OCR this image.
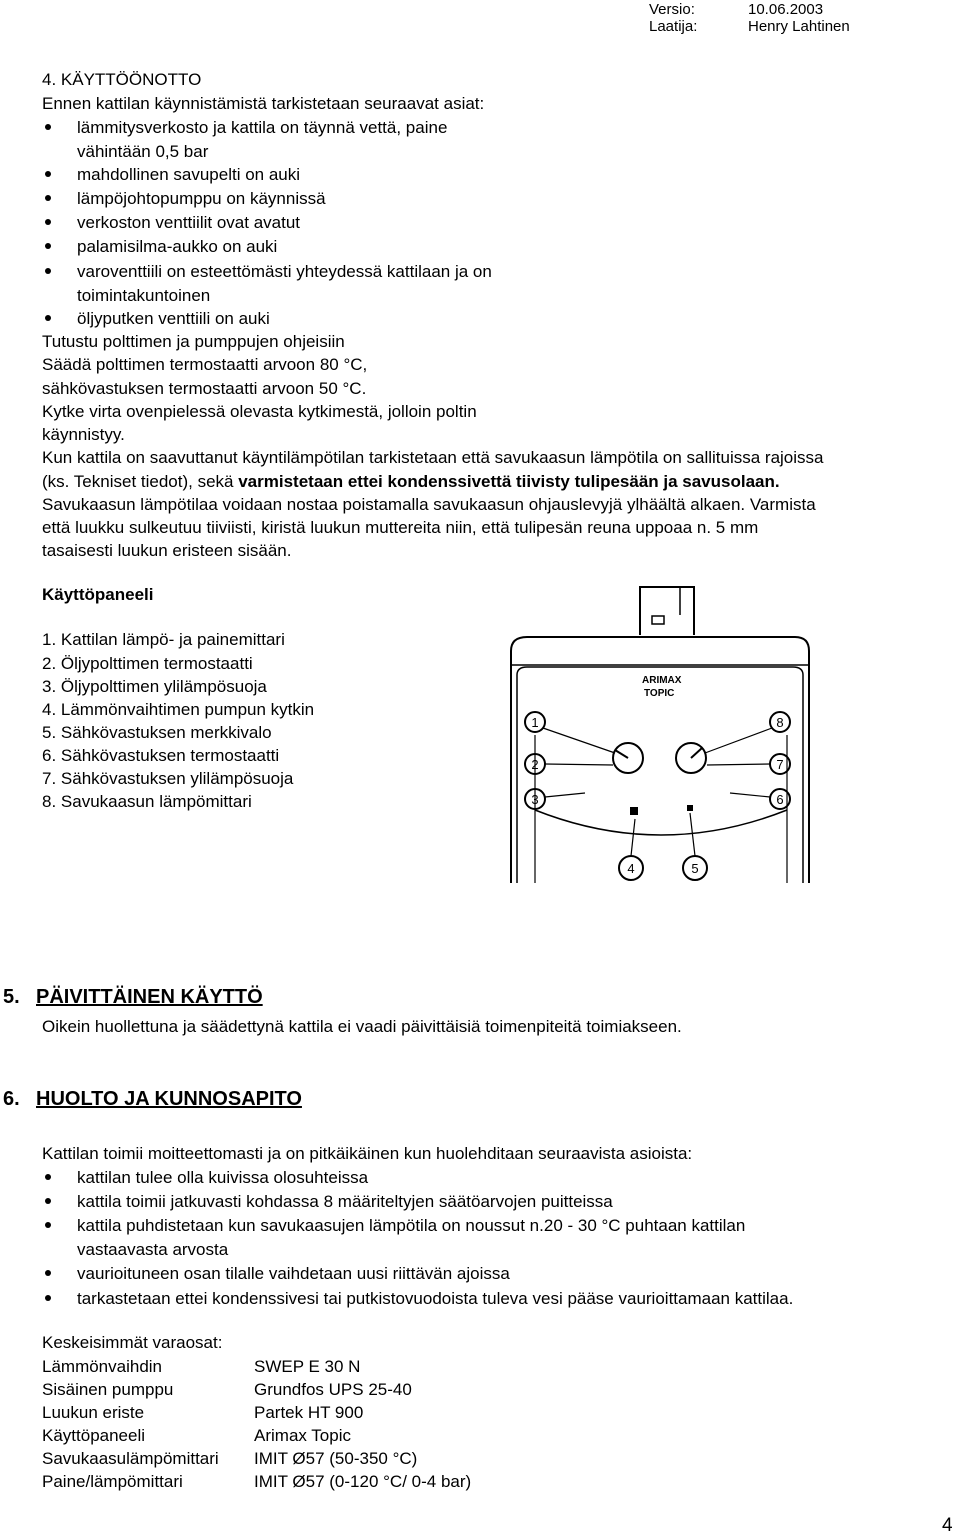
Versio:	10.06.2003
Laatija:	Henry Lahtinen
4. KÄYTTÖÖNOTTO
Ennen kattilan käynnistämistä tarkistetaan seuraavat asiat:
lämmitysverkosto ja kattila on täynnä vettä, paine
vähintään 0,5 bar
mahdollinen savupelti on auki
lämpöjohtopumppu on käynnissä
verkoston venttiilit ovat avatut
palamisilma-aukko on auki
varoventtiili on esteettömästi yhteydessä kattilaan ja on
toimintakuntoinen
öljyputken venttiili on auki
Tutustu polttimen ja pumppujen ohjeisiin
Säädä polttimen termostaatti arvoon 80 °C,
sähkövastuksen termostaatti arvoon 50 °C.
Kytke virta ovenpielessä olevasta kytkimestä, jolloin poltin
käynnistyy.
Kun kattila on saavuttanut käyntilämpötilan tarkistetaan että savukaasun lämpötila on sallituissa rajoissa
(ks. Tekniset tiedot), sekä varmistetaan ettei kondenssivettä tiivisty tulipesään ja savusolaan.
Savukaasun lämpötilaa voidaan nostaa poistamalla savukaasun ohjauslevyjä ylhäältä alkaen. Varmista
että luukku sulkeutuu tiiviisti, kiristä luukun muttereita niin, että tulipesän reuna uppoaa n. 5 mm
tasaisesti luukun eristeen sisään.
Käyttöpaneeli
1. Kattilan lämpö- ja painemittari
2. Öljypolttimen termostaatti
3. Öljypolttimen ylilämpösuoja
4. Lämmönvaihtimen pumpun kytkin
5. Sähkövastuksen merkkivalo
6. Sähkövastuksen termostaatti
7. Sähkövastuksen ylilämpösuoja
8. Savukaasun lämpömittari
ARIMAX
TOPIC
1
2
3
4	5
6
7
8
5. PÄIVITTÄINEN KÄYTTÖ
Oikein huollettuna ja säädettynä kattila ei vaadi päivittäisiä toimenpiteitä toimiakseen.
6. HUOLTO JA KUNNOSAPITO
Kattilan toimii moitteettomasti ja on pitkäikäinen kun huolehditaan seuraavista asioista:
kattilan tulee olla kuivissa olosuhteissa
kattila toimii jatkuvasti kohdassa 8 määriteltyjen säätöarvojen puitteissa
kattila puhdistetaan kun savukaasujen lämpötila on noussut n.20 - 30 °C puhtaan kattilan
vastaavasta arvosta
vaurioituneen osan tilalle vaihdetaan uusi riittävän ajoissa
tarkastetaan ettei kondenssivesi tai putkistovuodoista tuleva vesi pääse vaurioittamaan kattilaa.
Keskeisimmät varaosat:
Lämmönvaihdin	SWEP E 30 N
Sisäinen pumppu	Grundfos UPS 25-40
Luukun eriste	Partek HT 900
Käyttöpaneeli	Arimax Topic
Savukaasulämpömittari IMIT Ø57 (50-350 °C)
Paine/lämpömittari	IMIT Ø57 (0-120 °C/ 0-4 bar)
4
